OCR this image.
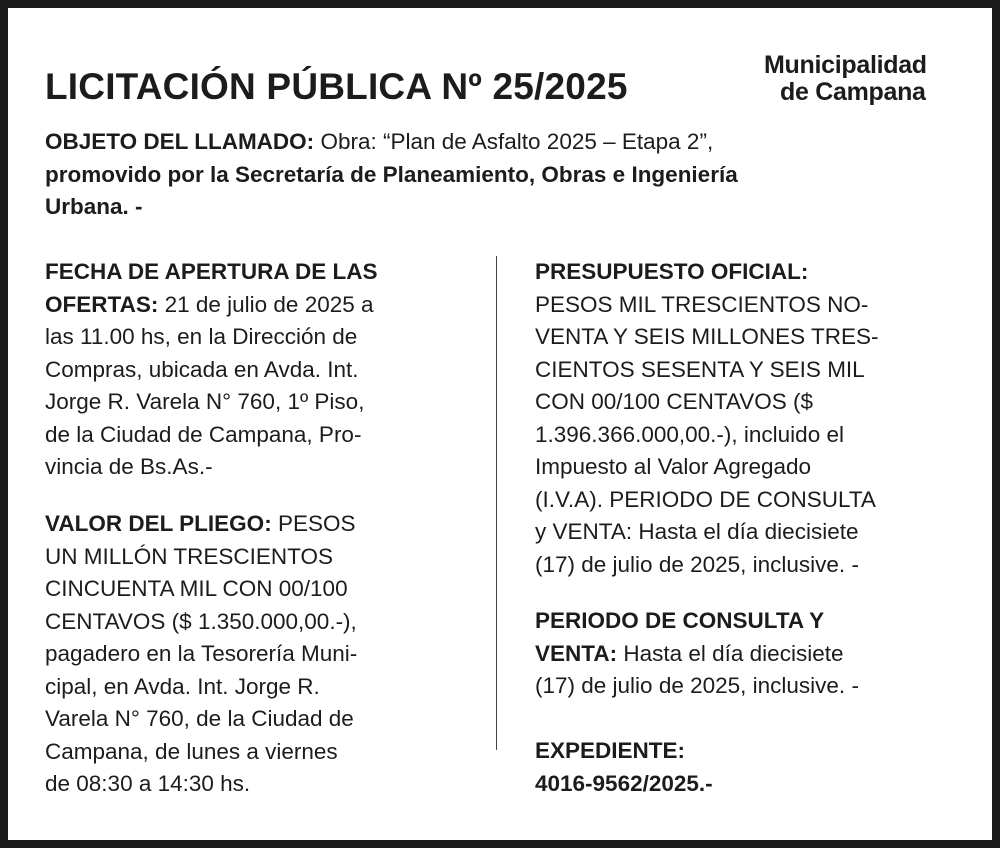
LICITACIÓN PÚBLICA Nº 25/2025
Municipalidad
de Campana
OBJETO DEL LLAMADO: Obra: “Plan de Asfalto 2025 – Etapa 2”,
promovido por la Secretaría de Planeamiento, Obras e Ingeniería
Urbana. -
FECHA DE APERTURA DE LAS
OFERTAS: 21 de julio de 2025 a
las 11.00 hs, en la Dirección de
Compras, ubicada en Avda. Int.
Jorge R. Varela N° 760, 1º Piso,
de la Ciudad de Campana, Pro-
vincia de Bs.As.-
VALOR DEL PLIEGO: PESOS
UN MILLÓN TRESCIENTOS
CINCUENTA MIL CON 00/100
CENTAVOS ($ 1.350.000,00.-),
pagadero en la Tesorería Muni-
cipal, en Avda. Int. Jorge R.
Varela N° 760, de la Ciudad de
Campana, de lunes a viernes
de 08:30 a 14:30 hs.
PRESUPUESTO OFICIAL:
PESOS MIL TRESCIENTOS NO-
VENTA Y SEIS MILLONES TRES-
CIENTOS SESENTA Y SEIS MIL
CON 00/100 CENTAVOS ($
1.396.366.000,00.-), incluido el
Impuesto al Valor Agregado
(I.V.A). PERIODO DE CONSULTA
y VENTA: Hasta el día diecisiete
(17) de julio de 2025, inclusive. -
PERIODO DE CONSULTA Y
VENTA: Hasta el día diecisiete
(17) de julio de 2025, inclusive. -
EXPEDIENTE:
4016-9562/2025.-
